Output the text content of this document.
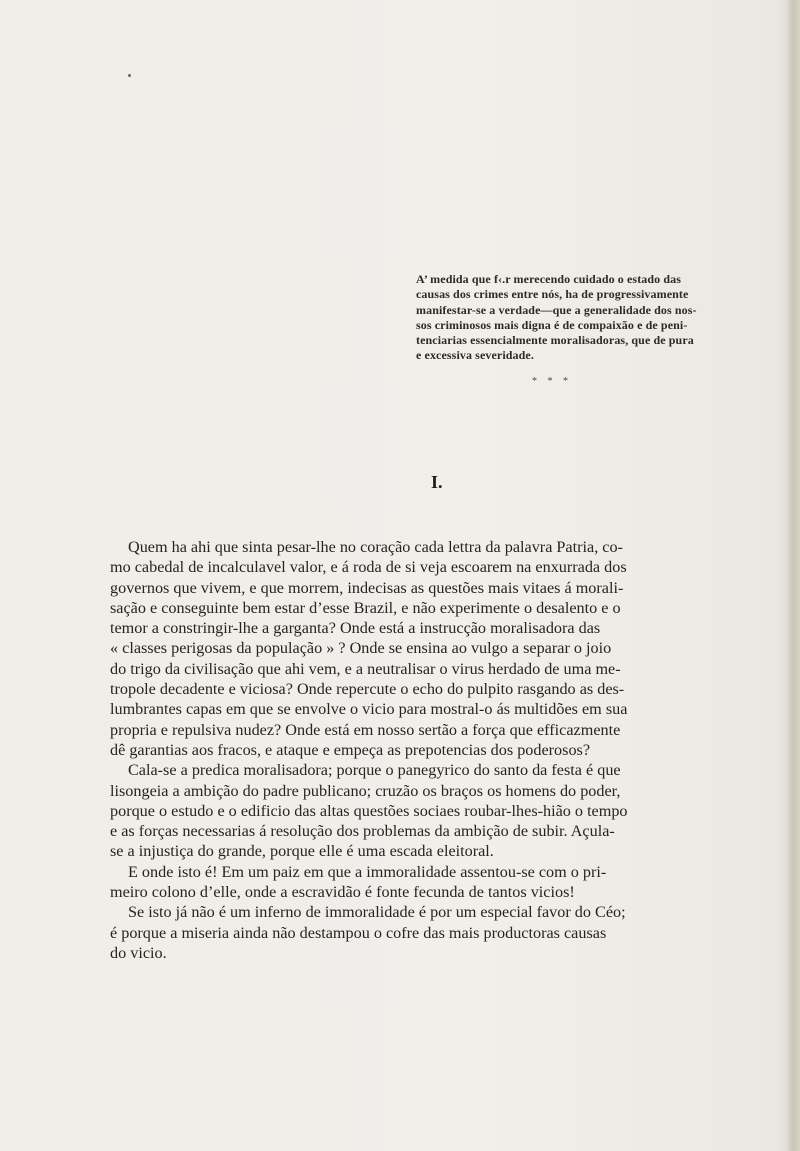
A’ medida que f‹.r merecendo cuidado o estado das
causas dos crimes entre nós, ha de progressivamente
manifestar-se a verdade—que a generalidade dos nos-
sos criminosos mais digna é de compaixão e de peni-
tenciarias essencialmente moralisadoras, que de pura
e excessiva severidade.
* * *
I.
Quem ha ahi que sinta pesar-lhe no coração cada lettra da palavra Patria, co-
mo cabedal de incalculavel valor, e á roda de si veja escoarem na enxurrada dos
governos que vivem, e que morrem, indecisas as questões mais vitaes á morali-
sação e conseguinte bem estar d’esse Brazil, e não experimente o desalento e o
temor a constringir-lhe a garganta? Onde está a instrucção moralisadora das
« classes perigosas da população » ? Onde se ensina ao vulgo a separar o joio
do trigo da civilisação que ahi vem, e a neutralisar o virus herdado de uma me-
tropole decadente e viciosa? Onde repercute o echo do pulpito rasgando as des-
lumbrantes capas em que se envolve o vicio para mostral-o ás multidões em sua
propria e repulsiva nudez? Onde está em nosso sertão a força que efficazmente
dê garantias aos fracos, e ataque e empeça as prepotencias dos poderosos?
Cala-se a predica moralisadora; porque o panegyrico do santo da festa é que
lisongeia a ambição do padre publicano; cruzão os braços os homens do poder,
porque o estudo e o edificio das altas questões sociaes roubar-lhes-hião o tempo
e as forças necessarias á resolução dos problemas da ambição de subir. Açula-
se a injustiça do grande, porque elle é uma escada eleitoral.
E onde isto é! Em um paiz em que a immoralidade assentou-se com o pri-
meiro colono d’elle, onde a escravidão é fonte fecunda de tantos vicios!
Se isto já não é um inferno de immoralidade é por um especial favor do Céo;
é porque a miseria ainda não destampou o cofre das mais productoras causas
do vicio.
